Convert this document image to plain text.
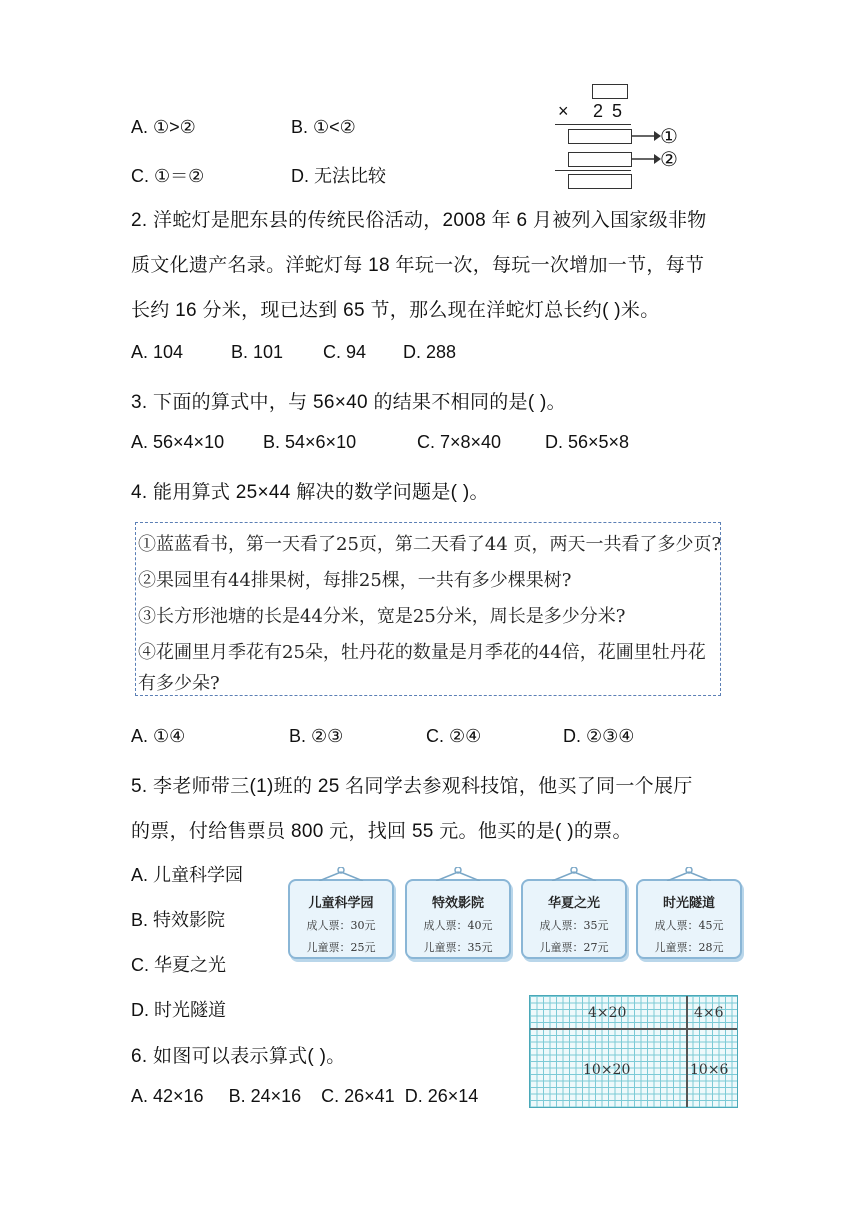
× 2 5
①
②
A. ①>②	B. ①<②
C. ①＝②	D. 无法比较
2. 洋蛇灯是肥东县的传统民俗活动，2008 年 6 月被列入国家级非物
质文化遗产名录。洋蛇灯每 18 年玩一次，每玩一次增加一节，每节
长约 16 分米，现已达到 65 节，那么现在洋蛇灯总长约( )米。
A. 104	B. 101 C. 94 D. 288
3. 下面的算式中，与 56×40 的结果不相同的是( )。
A. 56×4×10 B. 54×6×10	C. 7×8×40 D. 56×5×8
4. 能用算式 25×44 解决的数学问题是( )。
①蓝蓝看书，第一天看了25页，第二天看了44 页，两天一共看了多少页?
②果园里有44排果树，每排25棵，一共有多少棵果树?
③长方形池塘的长是44分米，宽是25分米，周长是多少分米?
④花圃里月季花有25朵，牡丹花的数量是月季花的44倍，花圃里牡丹花
有多少朵?
A. ①④	B. ②③	C. ②④	D. ②③④
5. 李老师带三(1)班的 25 名同学去参观科技馆，他买了同一个展厅
的票，付给售票员 800 元，找回 55 元。他买的是( )的票。
A. 儿童科学园
B. 特效影院
C. 华夏之光
D. 时光隧道
儿童科学园
成人票：30元
儿童票：25元
特效影院
成人票：40元
儿童票：35元
华夏之光
成人票：35元
儿童票：27元
时光隧道
成人票：45元
儿童票：28元
6. 如图可以表示算式( )。
A. 42×16     B. 24×16    C. 26×41  D. 26×14
4×20	4×6
10×20	10×6
